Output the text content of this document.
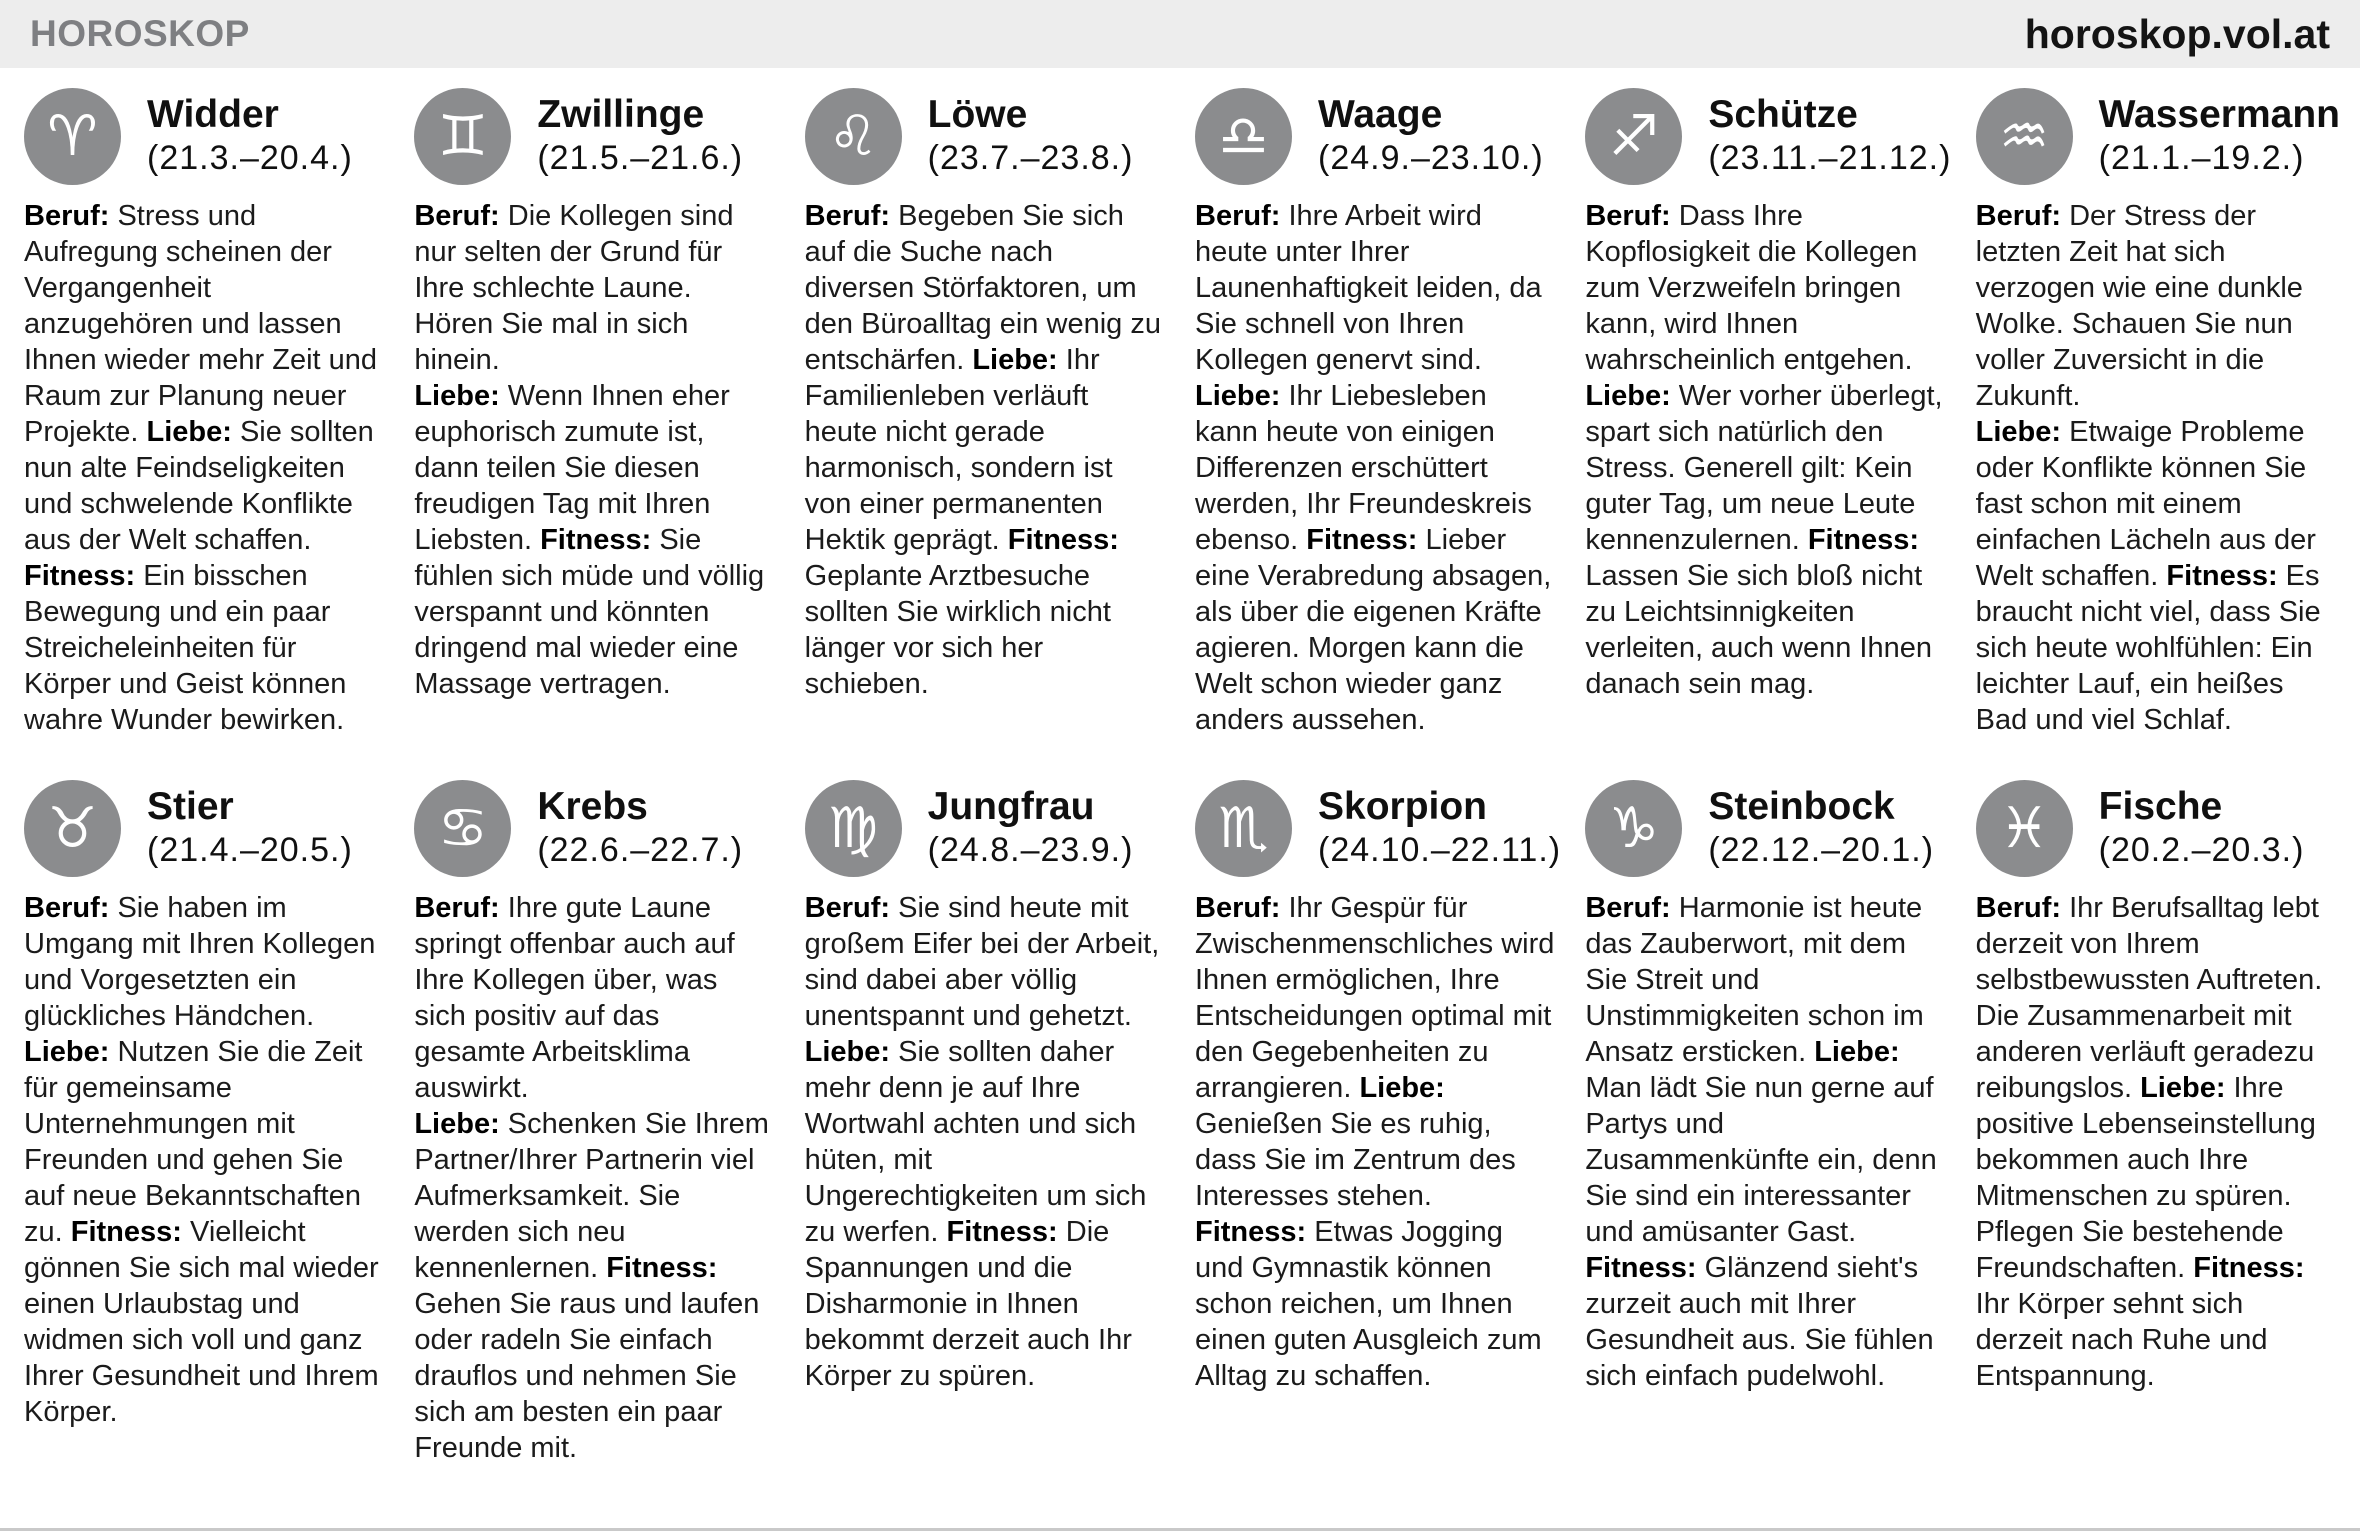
HOROSKOP	horoskop.vol.at
♈ Widder
(21.3.–20.4.)
Beruf: Stress und Aufregung scheinen der Vergangenheit anzugehören und lassen Ihnen wieder mehr Zeit und Raum zur Planung neuer Projekte. Liebe: Sie sollten nun alte Feindseligkeiten und schwelende Konflikte aus der Welt schaffen. Fitness: Ein bisschen Bewegung und ein paar Streicheleinheiten für Körper und Geist können wahre Wunder bewirken.
♊ Zwillinge
(21.5.–21.6.)
Beruf: Die Kollegen sind nur selten der Grund für Ihre schlechte Laune. Hören Sie mal in sich hinein.
Liebe: Wenn Ihnen eher euphorisch zumute ist, dann teilen Sie diesen freudigen Tag mit Ihren Liebsten. Fitness: Sie fühlen sich müde und völlig verspannt und könnten dringend mal wieder eine Massage vertragen.
♌ Löwe
(23.7.–23.8.)
Beruf: Begeben Sie sich auf die Suche nach diversen Störfaktoren, um den Büroalltag ein wenig zu entschärfen. Liebe: Ihr Familienleben verläuft heute nicht gerade harmonisch, sondern ist von einer permanenten Hektik geprägt. Fitness: Geplante Arztbesuche sollten Sie wirklich nicht länger vor sich her schieben.
♎ Waage
(24.9.–23.10.)
Beruf: Ihre Arbeit wird heute unter Ihrer Launenhaftigkeit leiden, da Sie schnell von Ihren Kollegen genervt sind. Liebe: Ihr Liebesleben kann heute von einigen Differenzen erschüttert werden, Ihr Freundeskreis ebenso. Fitness: Lieber eine Verabredung absagen, als über die eigenen Kräfte agieren. Morgen kann die Welt schon wieder ganz anders aussehen.
♐ Schütze
(23.11.–21.12.)
Beruf: Dass Ihre Kopflosigkeit die Kollegen zum Verzweifeln bringen kann, wird Ihnen wahrscheinlich entgehen. Liebe: Wer vorher überlegt, spart sich natürlich den Stress. Generell gilt: Kein guter Tag, um neue Leute kennenzulernen. Fitness: Lassen Sie sich bloß nicht zu Leichtsinnigkeiten verleiten, auch wenn Ihnen danach sein mag.
♒ Wassermann
(21.1.–19.2.)
Beruf: Der Stress der letzten Zeit hat sich verzogen wie eine dunkle Wolke. Schauen Sie nun voller Zuversicht in die Zukunft.
Liebe: Etwaige Probleme oder Konflikte können Sie fast schon mit einem einfachen Lächeln aus der Welt schaffen. Fitness: Es braucht nicht viel, dass Sie sich heute wohlfühlen: Ein leichter Lauf, ein heißes Bad und viel Schlaf.
♉ Stier
(21.4.–20.5.)
Beruf: Sie haben im Umgang mit Ihren Kollegen und Vorgesetzten ein glückliches Händchen.
Liebe: Nutzen Sie die Zeit für gemeinsame Unternehmungen mit Freunden und gehen Sie auf neue Bekanntschaften zu. Fitness: Vielleicht gönnen Sie sich mal wieder einen Urlaubstag und widmen sich voll und ganz Ihrer Gesundheit und Ihrem Körper.
♋ Krebs
(22.6.–22.7.)
Beruf: Ihre gute Laune springt offenbar auch auf Ihre Kollegen über, was sich positiv auf das gesamte Arbeitsklima auswirkt.
Liebe: Schenken Sie Ihrem Partner/Ihrer Partnerin viel Aufmerksamkeit. Sie werden sich neu kennenlernen. Fitness: Gehen Sie raus und laufen oder radeln Sie einfach drauflos und nehmen Sie sich am besten ein paar Freunde mit.
♍ Jungfrau
(24.8.–23.9.)
Beruf: Sie sind heute mit großem Eifer bei der Arbeit, sind dabei aber völlig unentspannt und gehetzt. Liebe: Sie sollten daher mehr denn je auf Ihre Wortwahl achten und sich hüten, mit Ungerechtigkeiten um sich zu werfen. Fitness: Die Spannungen und die Disharmonie in Ihnen bekommt derzeit auch Ihr Körper zu spüren.
♏ Skorpion
(24.10.–22.11.)
Beruf: Ihr Gespür für Zwischenmenschliches wird Ihnen ermöglichen, Ihre Entscheidungen optimal mit den Gegebenheiten zu arrangieren. Liebe: Genießen Sie es ruhig, dass Sie im Zentrum des Interesses stehen.
Fitness: Etwas Jogging und Gymnastik können schon reichen, um Ihnen einen guten Ausgleich zum Alltag zu schaffen.
♑ Steinbock
(22.12.–20.1.)
Beruf: Harmonie ist heute das Zauberwort, mit dem Sie Streit und Unstimmigkeiten schon im Ansatz ersticken. Liebe: Man lädt Sie nun gerne auf Partys und Zusammenkünfte ein, denn Sie sind ein interessanter und amüsanter Gast. Fitness: Glänzend sieht's zurzeit auch mit Ihrer Gesundheit aus. Sie fühlen sich einfach pudelwohl.
♓ Fische
(20.2.–20.3.)
Beruf: Ihr Berufsalltag lebt derzeit von Ihrem selbstbewussten Auftreten.
Die Zusammenarbeit mit anderen verläuft geradezu reibungslos. Liebe: Ihre positive Lebenseinstellung bekommen auch Ihre Mitmenschen zu spüren. Pflegen Sie bestehende Freundschaften. Fitness: Ihr Körper sehnt sich derzeit nach Ruhe und Entspannung.
